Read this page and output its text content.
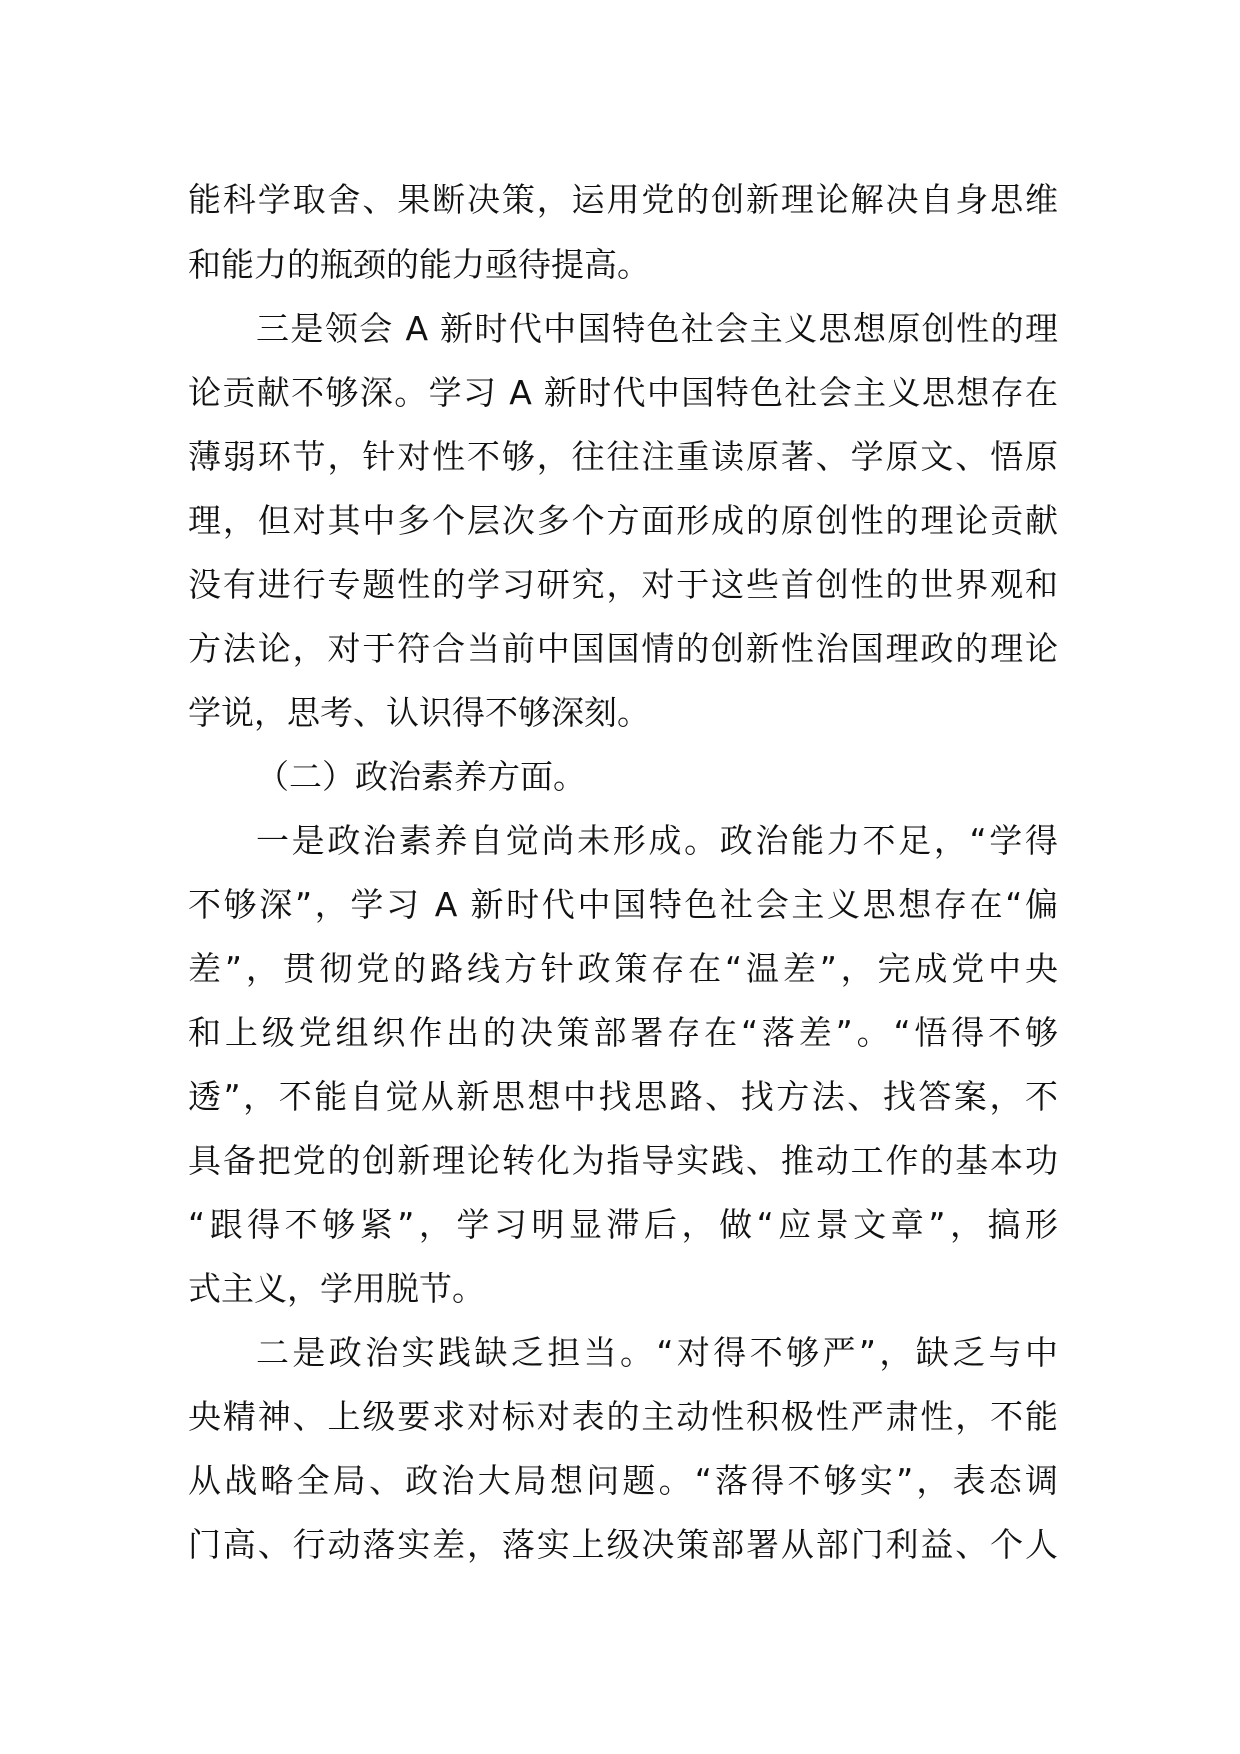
能科学取舍、果断决策，运用党的创新理论解决自身思维
和能力的瓶颈的能力亟待提高。
三是领会 A 新时代中国特色社会主义思想原创性的理
论贡献不够深。学习 A 新时代中国特色社会主义思想存在
薄弱环节，针对性不够，往往注重读原著、学原文、悟原
理，但对其中多个层次多个方面形成的原创性的理论贡献
没有进行专题性的学习研究，对于这些首创性的世界观和
方法论，对于符合当前中国国情的创新性治国理政的理论
学说，思考、认识得不够深刻。
（二）政治素养方面。
一是政治素养自觉尚未形成。政治能力不足，“学得
不够深”，学习 A 新时代中国特色社会主义思想存在“偏
差”，贯彻党的路线方针政策存在“温差”，完成党中央
和上级党组织作出的决策部署存在“落差”。“悟得不够
透”，不能自觉从新思想中找思路、找方法、找答案，不
具备把党的创新理论转化为指导实践、推动工作的基本功
“跟得不够紧”，学习明显滞后，做“应景文章”，搞形
式主义，学用脱节。
二是政治实践缺乏担当。“对得不够严”，缺乏与中
央精神、上级要求对标对表的主动性积极性严肃性，不能
从战略全局、政治大局想问题。“落得不够实”，表态调
门高、行动落实差，落实上级决策部署从部门利益、个人
